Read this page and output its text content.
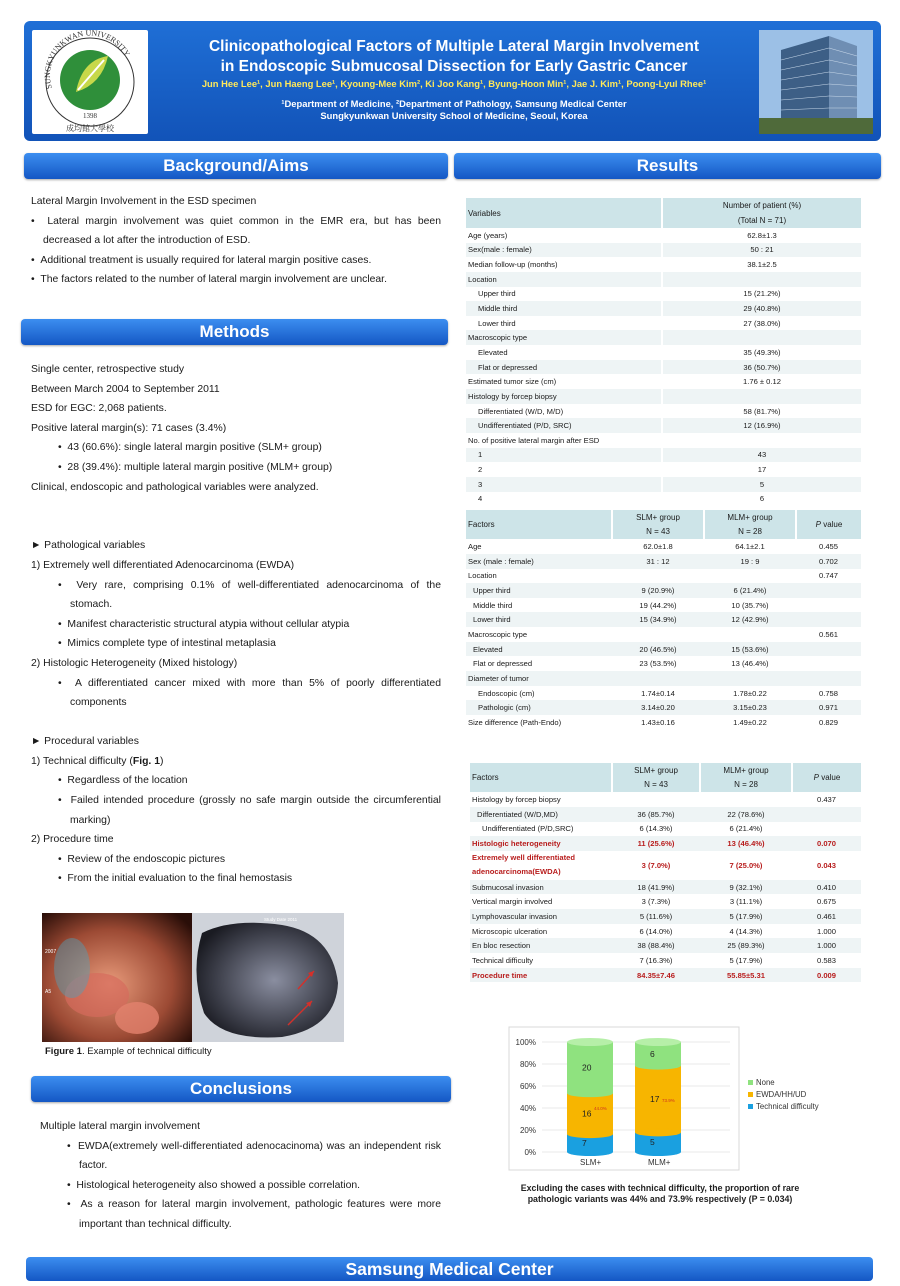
1398
SUNGKYUNKWAN UNIVERSITY
成均館大學校
Clinicopathological Factors of Multiple Lateral Margin Involvement
in Endoscopic Submucosal Dissection for Early Gastric Cancer
Jun Hee Lee¹, Jun Haeng Lee¹, Kyoung-Mee Kim², Ki Joo Kang¹, Byung-Hoon Min¹, Jae J. Kim¹, Poong-Lyul Rhee¹
¹Department of Medicine, ²Department of Pathology, Samsung Medical Center
Sungkyunkwan University School of Medicine, Seoul, Korea
Background/Aims

Lateral Margin Involvement in the ESD specimen

•  Lateral margin involvement was quiet common in the EMR era, but has been decreased a lot after the introduction of ESD.

•  Additional treatment is usually required for lateral margin positive cases.

•  The factors related to the number of lateral margin involvement are unclear.

Methods

Single center, retrospective study

Between March 2004 to September 2011

ESD for EGC: 2,068 patients.

Positive lateral margin(s): 71 cases (3.4%)

•  43 (60.6%): single lateral margin positive (SLM+ group)

•  28 (39.4%): multiple lateral margin positive (MLM+ group)

Clinical, endoscopic and pathological variables were analyzed.

► Pathological variables

1) Extremely well differentiated Adenocarcinoma (EWDA)

•  Very rare, comprising 0.1% of well-differentiated adenocarcinoma of the stomach.

•  Manifest characteristic structural atypia without cellular atypia

•  Mimics complete type of intestinal metaplasia

2) Histologic Heterogeneity (Mixed histology)

•  A differentiated cancer mixed with more than 5% of poorly differentiated components

► Procedural variables

1) Technical difficulty (Fig. 1)

•  Regardless of the location

•  Failed intended procedure (grossly no safe margin outside the circumferential marking)

2) Procedure time

•  Review of the endoscopic pictures

•  From the initial evaluation to the final hemostasis

2007
A5
Study Date 2011
Figure 1. Example of technical difficulty
Conclusions

Multiple lateral margin involvement

•  EWDA(extremely well-differentiated adenocacinoma) was an independent risk factor.

•  Histological heterogeneity also showed a possible correlation.

•  As a reason for lateral margin involvement, pathologic features were more important than technical difficulty.

Results
Variables	Number of patient (%)
	(Total N = 71)
Age (years)	62.8±1.3
Sex(male : female)	50 : 21
Median follow-up (months)	38.1±2.5
Location	
Upper third	15 (21.2%)
Middle third	29 (40.8%)
Lower third	27 (38.0%)
Macroscopic type	
Elevated	35 (49.3%)
Flat or depressed	36 (50.7%)
Estimated tumor size (cm)	1.76 ± 0.12
Histology by forcep biopsy	
Differentiated (W/D, M/D)	58 (81.7%)
Undifferentiated (P/D, SRC)	12 (16.9%)
No. of positive lateral margin after ESD	
1	43
2	17
3	5
4	6
Factors	SLM+ group	MLM+ group	P value
	N = 43	N = 28	
Age	62.0±1.8	64.1±2.1	0.455
Sex (male : female)	31 : 12	19 : 9	0.702
Location			0.747
Upper third	9 (20.9%)	6 (21.4%)	
Middle third	19 (44.2%)	10 (35.7%)	
Lower third	15 (34.9%)	12 (42.9%)	
Macroscopic type			0.561
Elevated	20 (46.5%)	15 (53.6%)	
Flat or depressed	23 (53.5%)	13 (46.4%)	
Diameter of tumor			
Endoscopic (cm)	1.74±0.14	1.78±0.22	0.758
Pathologic (cm)	3.14±0.20	3.15±0.23	0.971
Size difference (Path-Endo)	1.43±0.16	1.49±0.22	0.829
Factors	SLM+ group	MLM+ group	P value
	N = 43	N = 28	
Histology by forcep biopsy			0.437
Differentiated (W/D,MD)	36 (85.7%)	22 (78.6%)	
Undifferentiated (P/D,SRC)	6 (14.3%)	6 (21.4%)	
Histologic heterogeneity	11 (25.6%)	13 (46.4%)	0.070
Extremely well differentiated adenocarcinoma(EWDA)	3 (7.0%)	7 (25.0%)	0.043
Submucosal invasion	18 (41.9%)	9 (32.1%)	0.410
Vertical margin involved	3 (7.3%)	3 (11.1%)	0.675
Lymphovascular invasion	5 (11.6%)	5 (17.9%)	0.461
Microscopic ulceration	6 (14.0%)	4 (14.3%)	1.000
En bloc resection	38 (88.4%)	25 (89.3%)	1.000
Technical difficulty	7 (16.3%)	5 (17.9%)	0.583
Procedure time	84.35±7.46	55.85±5.31	0.009
0%
20%
40%
60%
80%
100%
7
16
20
44.0%
SLM+
5
17
6
73.9%
MLM+
None
EWDA/HH/UD
Technical difficulty
Excluding the cases with technical difficulty, the proportion of rare
pathologic variants was 44% and 73.9% respectively (P = 0.034)
Samsung Medical Center
